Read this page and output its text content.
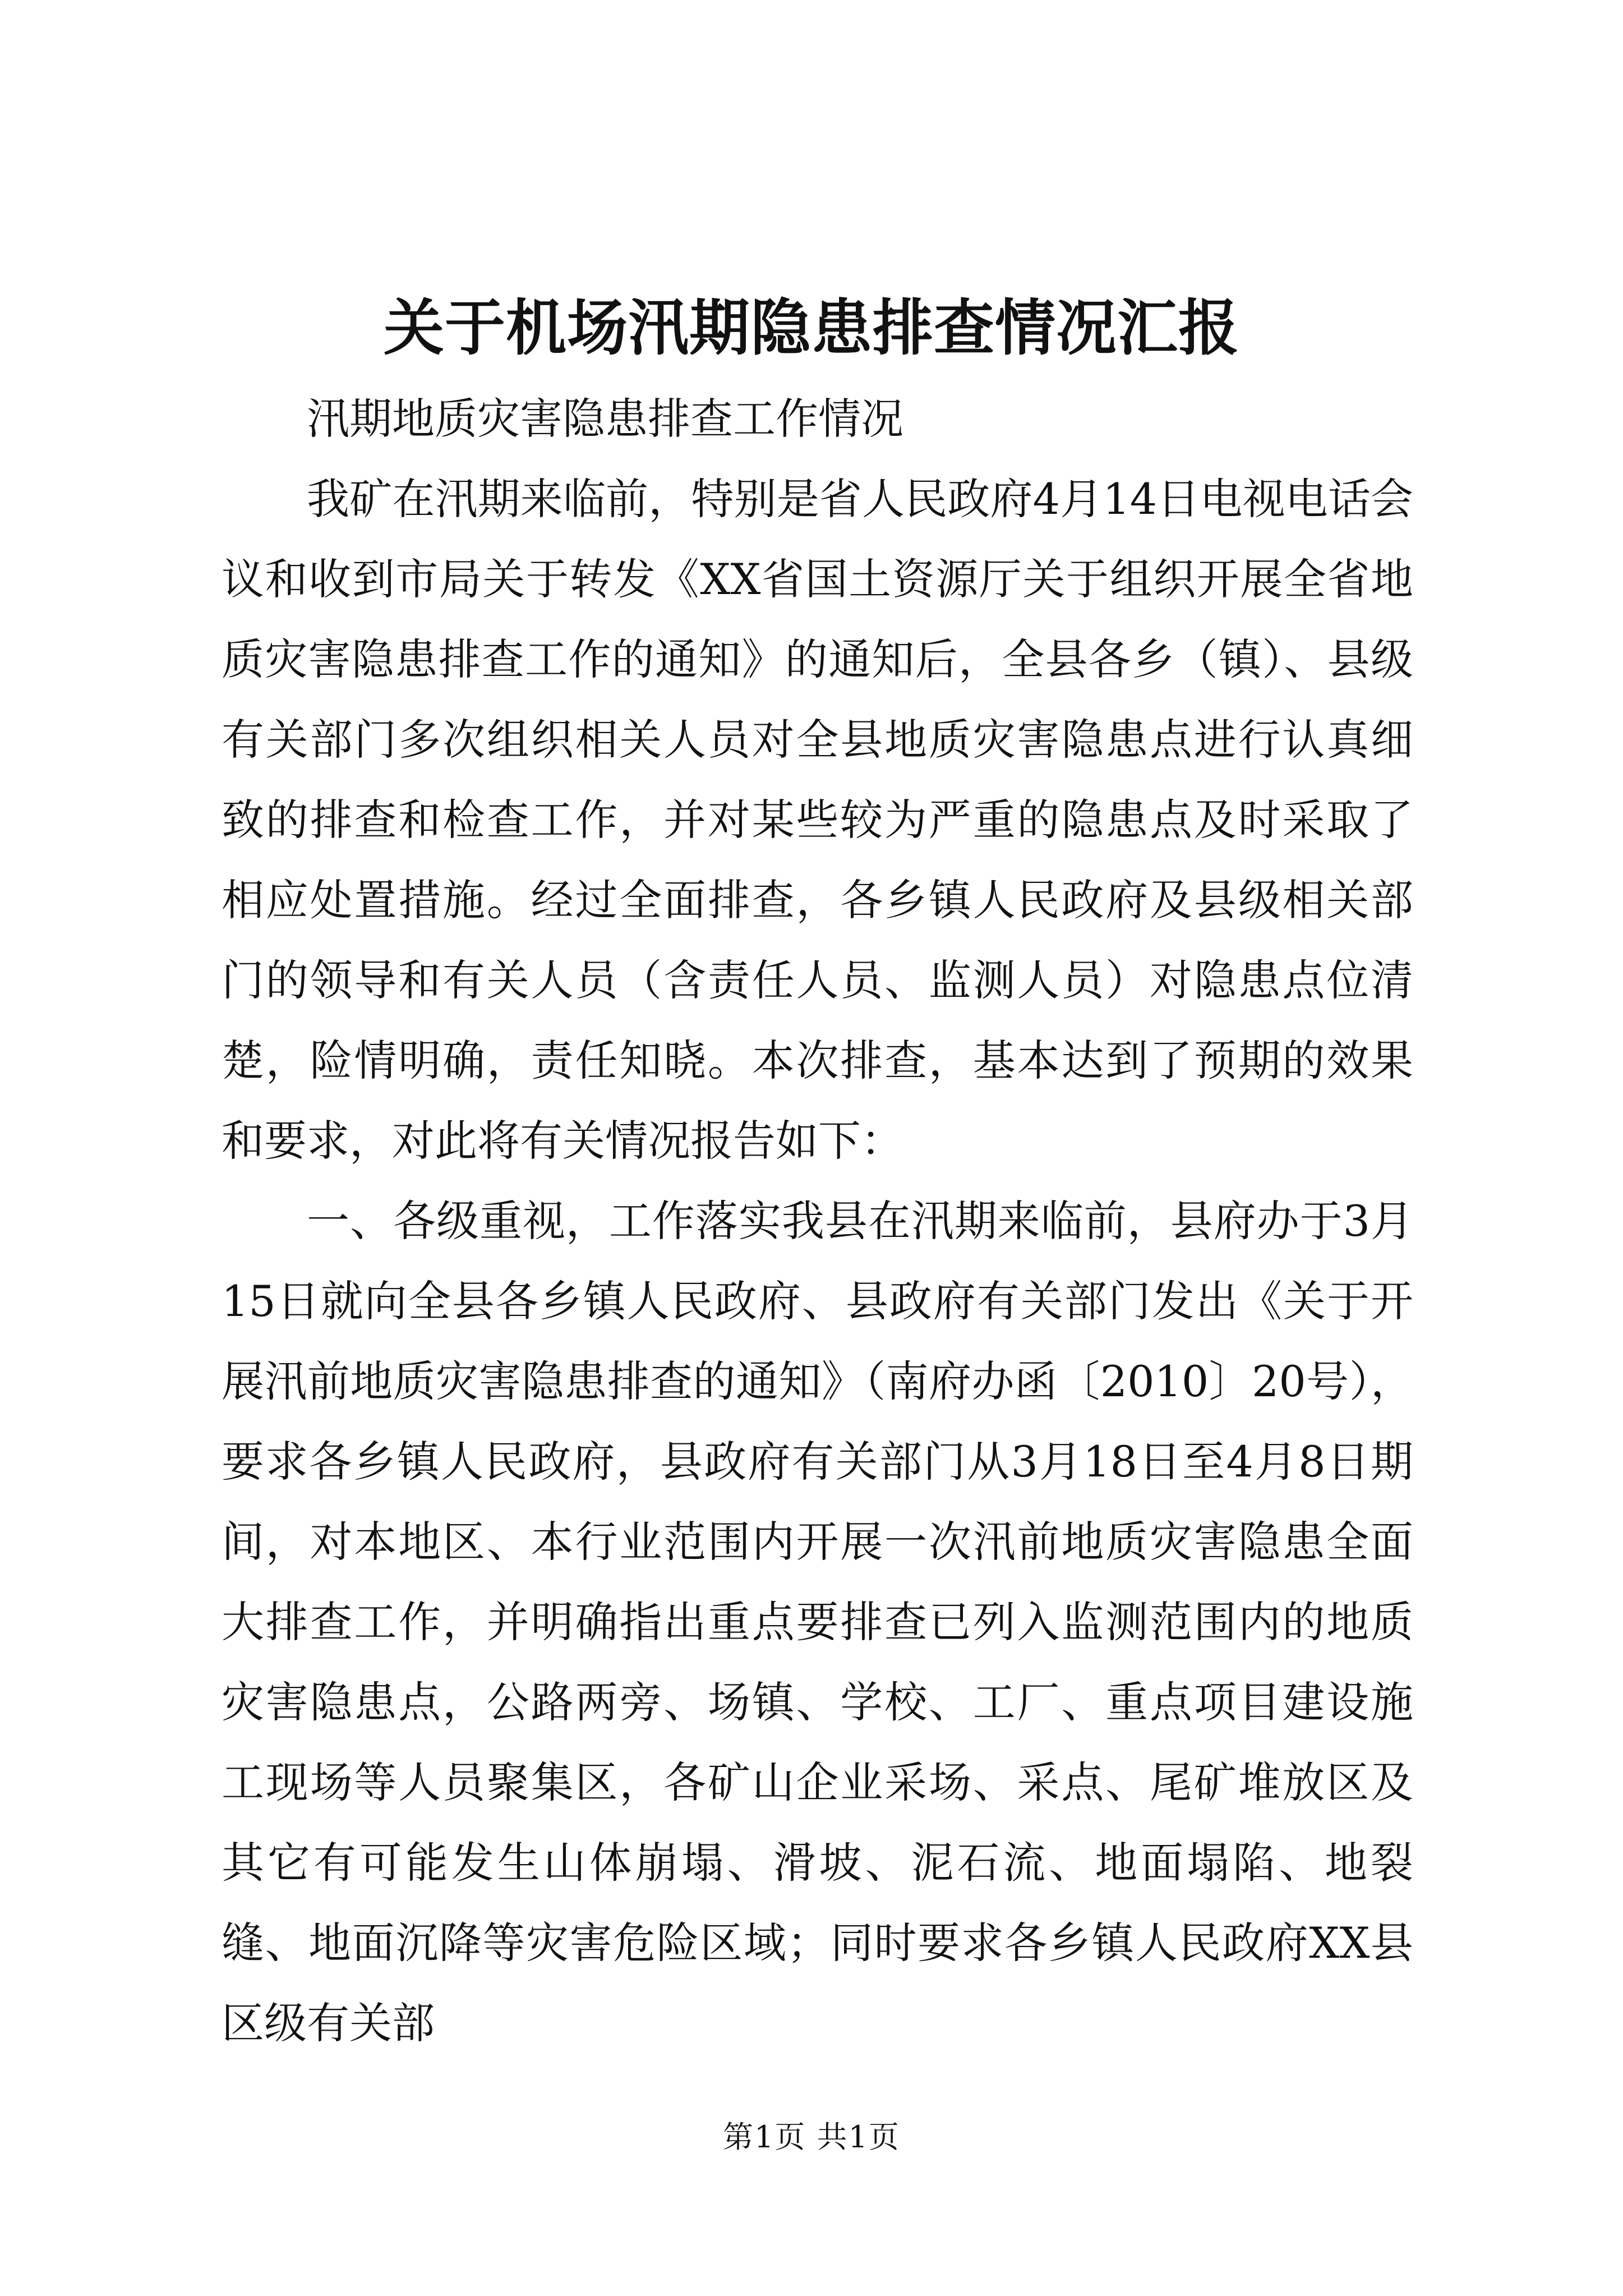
关于机场汛期隐患排查情况汇报

汛期地质灾害隐患排查工作情况

我矿在汛期来临前，特别是省人民政府4月14日电视电话会议和收到市局关于转发《XX省国土资源厅关于组织开展全省地质灾害隐患排查工作的通知》的通知后，全县各乡（镇）、县级有关部门多次组织相关人员对全县地质灾害隐患点进行认真细致的排查和检查工作，并对某些较为严重的隐患点及时采取了相应处置措施。经过全面排查，各乡镇人民政府及县级相关部门的领导和有关人员（含责任人员、监测人员）对隐患点位清楚，险情明确，责任知晓。本次排查，基本达到了预期的效果和要求，对此将有关情况报告如下：

一、各级重视，工作落实我县在汛期来临前，县府办于3月15日就向全县各乡镇人民政府、县政府有关部门发出《关于开展汛前地质灾害隐患排查的通知》（南府办函〔2010〕20号），要求各乡镇人民政府，县政府有关部门从3月18日至4月8日期间，对本地区、本行业范围内开展一次汛前地质灾害隐患全面大排查工作，并明确指出重点要排查已列入监测范围内的地质灾害隐患点，公路两旁、场镇、学校、工厂、重点项目建设施工现场等人员聚集区，各矿山企业采场、采点、尾矿堆放区及其它有可能发生山体崩塌、滑坡、泥石流、地面塌陷、地裂缝、地面沉降等灾害危险区域；同时要求各乡镇人民政府XX县区级有关部

第1页 共1页
